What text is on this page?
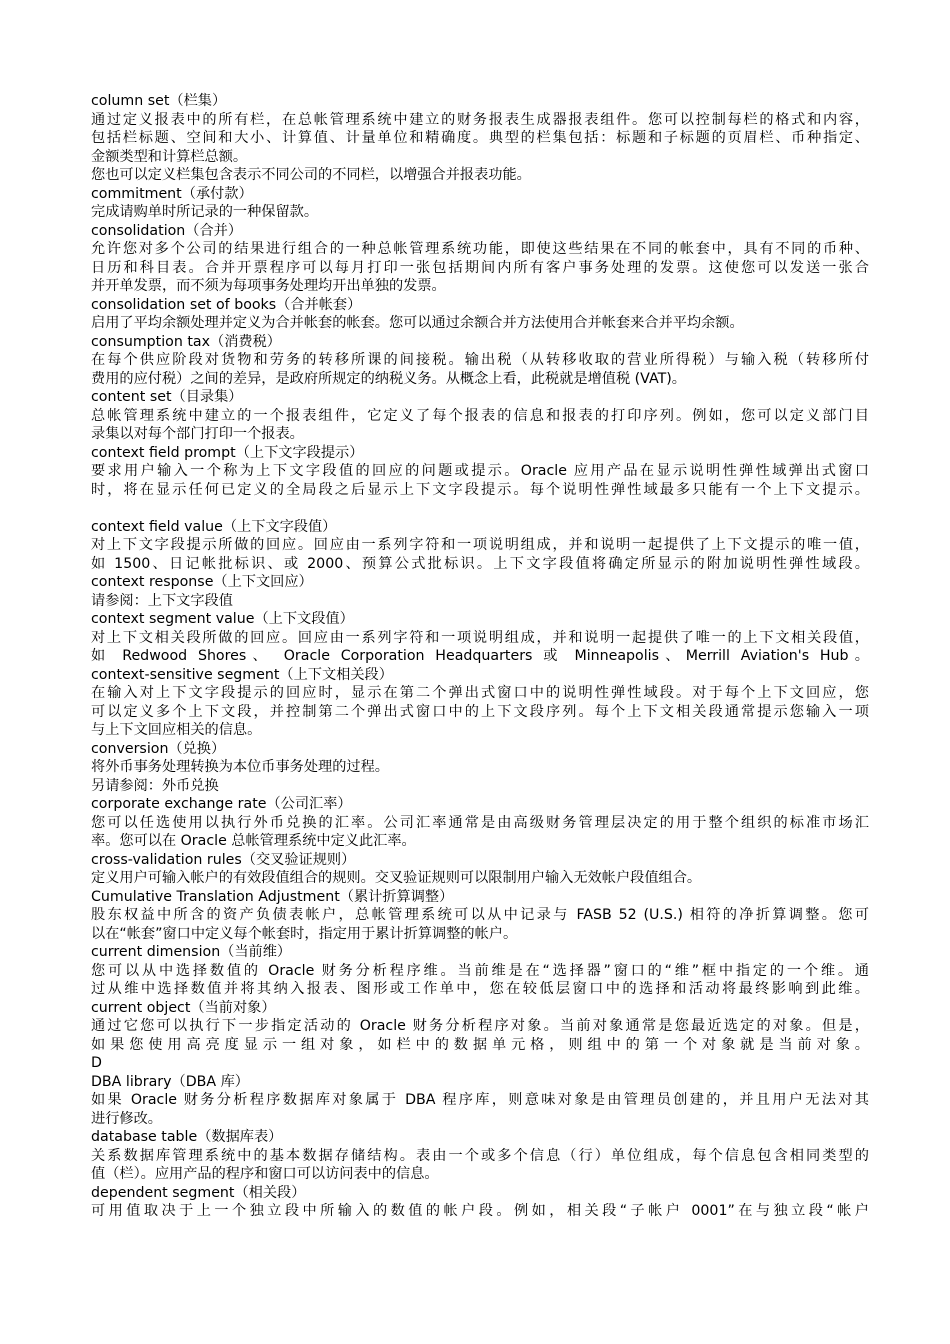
column set（栏集）
通过定义报表中的所有栏，在总帐管理系统中建立的财务报表生成器报表组件。您可以控制每栏的格式和内容，
包括栏标题、空间和大小、计算值、计量单位和精确度。典型的栏集包括：标题和子标题的页眉栏、币种指定、
金额类型和计算栏总额。
您也可以定义栏集包含表示不同公司的不同栏，以增强合并报表功能。
commitment（承付款）
完成请购单时所记录的一种保留款。
consolidation（合并）
允许您对多个公司的结果进行组合的一种总帐管理系统功能，即使这些结果在不同的帐套中，具有不同的币种、
日历和科目表。合并开票程序可以每月打印一张包括期间内所有客户事务处理的发票。这使您可以发送一张合
并开单发票，而不须为每项事务处理均开出单独的发票。
consolidation set of books（合并帐套）
启用了平均余额处理并定义为合并帐套的帐套。您可以通过余额合并方法使用合并帐套来合并平均余额。
consumption tax（消费税）
在每个供应阶段对货物和劳务的转移所课的间接税。输出税（从转移收取的营业所得税）与输入税（转移所付
费用的应付税）之间的差异，是政府所规定的纳税义务。从概念上看，此税就是增值税 (VAT)。
content set（目录集）
总帐管理系统中建立的一个报表组件，它定义了每个报表的信息和报表的打印序列。例如，您可以定义部门目
录集以对每个部门打印一个报表。
context field prompt（上下文字段提示）
要求用户输入一个称为上下文字段值的回应的问题或提示。Oracle 应用产品在显示说明性弹性域弹出式窗口
时，将在显示任何已定义的全局段之后显示上下文字段提示。每个说明性弹性域最多只能有一个上下文提示。
context field value（上下文字段值）
对上下文字段提示所做的回应。回应由一系列字符和一项说明组成，并和说明一起提供了上下文提示的唯一值，
如 1500、日记帐批标识、或 2000、预算公式批标识。上下文字段值将确定所显示的附加说明性弹性域段。
context response（上下文回应）
请参阅：上下文字段值
context segment value（上下文段值）
对上下文相关段所做的回应。回应由一系列字符和一项说明组成，并和说明一起提供了唯一的上下文相关段值，
如 Redwood Shores、 Oracle Corporation Headquarters 或 Minneapolis、Merrill Aviation's Hub。
context-sensitive segment（上下文相关段）
在输入对上下文字段提示的回应时，显示在第二个弹出式窗口中的说明性弹性域段。对于每个上下文回应，您
可以定义多个上下文段，并控制第二个弹出式窗口中的上下文段序列。每个上下文相关段通常提示您输入一项
与上下文回应相关的信息。
conversion（兑换）
将外币事务处理转换为本位币事务处理的过程。
另请参阅：外币兑换
corporate exchange rate（公司汇率）
您可以任选使用以执行外币兑换的汇率。公司汇率通常是由高级财务管理层决定的用于整个组织的标准市场汇
率。您可以在 Oracle 总帐管理系统中定义此汇率。
cross-validation rules（交叉验证规则）
定义用户可输入帐户的有效段值组合的规则。交叉验证规则可以限制用户输入无效帐户段值组合。
Cumulative Translation Adjustment（累计折算调整）
股东权益中所含的资产负债表帐户，总帐管理系统可以从中记录与 FASB 52 (U.S.) 相符的净折算调整。您可
以在“帐套”窗口中定义每个帐套时，指定用于累计折算调整的帐户。
current dimension（当前维）
您可以从中选择数值的 Oracle 财务分析程序维。当前维是在“选择器”窗口的“维”框中指定的一个维。通
过从维中选择数值并将其纳入报表、图形或工作单中，您在较低层窗口中的选择和活动将最终影响到此维。
current object（当前对象）
通过它您可以执行下一步指定活动的 Oracle 财务分析程序对象。当前对象通常是您最近选定的对象。但是，
如果您使用高亮度显示一组对象，如栏中的数据单元格，则组中的第一个对象就是当前对象。
D
DBA library（DBA 库）
如果 Oracle 财务分析程序数据库对象属于 DBA 程序库，则意味对象是由管理员创建的，并且用户无法对其
进行修改。
database table（数据库表）
关系数据库管理系统中的基本数据存储结构。表由一个或多个信息（行）单位组成，每个信息包含相同类型的
值（栏）。应用产品的程序和窗口可以访问表中的信息。
dependent segment（相关段）
可用值取决于上一个独立段中所输入的数值的帐户段。例如，相关段“子帐户 0001”在与独立段“帐户
